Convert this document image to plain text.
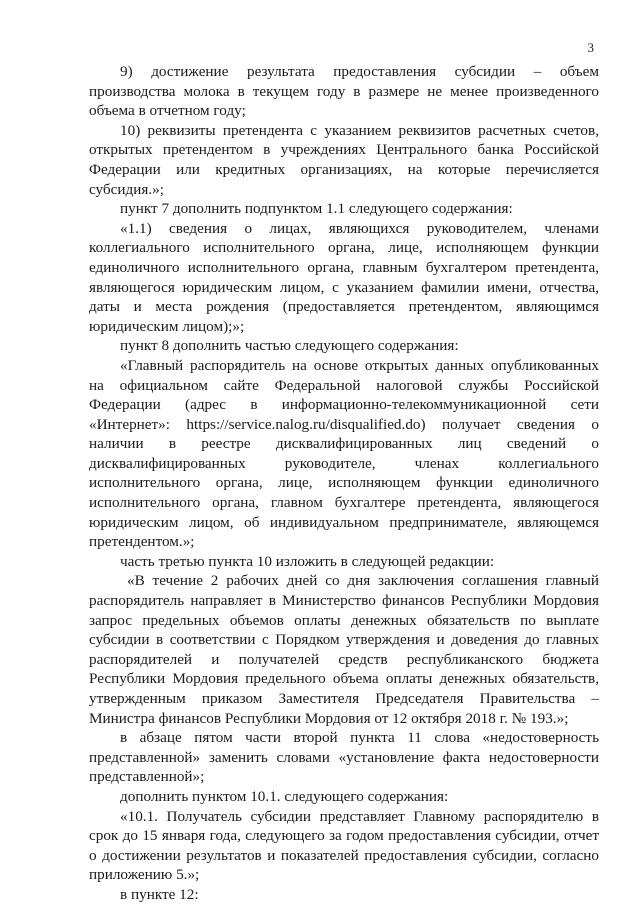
3

9) достижение результата предоставления субсидии – объем производства молока в текущем году в размере не менее произведенного объема в отчетном году;

10) реквизиты претендента с указанием реквизитов расчетных счетов, открытых претендентом в учреждениях Центрального банка Российской Федерации или кредитных организациях, на которые перечисляется субсидия.»;

пункт 7 дополнить подпунктом 1.1 следующего содержания:

«1.1) сведения о лицах, являющихся руководителем, членами коллегиального исполнительного органа, лице, исполняющем функции единоличного исполнительного органа, главным бухгалтером претендента, являющегося юридическим лицом, с указанием фамилии имени, отчества, даты и места рождения (предоставляется претендентом, являющимся юридическим лицом);»;

пункт 8 дополнить частью следующего содержания:

«Главный распорядитель на основе открытых данных опубликованных на официальном сайте Федеральной налоговой службы Российской Федерации (адрес в информационно-телекоммуникационной сети «Интернет»: https://service.nalog.ru/disqualified.do) получает сведения о наличии в реестре дисквалифицированных лиц сведений о дисквалифицированных руководителе, членах коллегиального исполнительного органа, лице, исполняющем функции единоличного исполнительного органа, главном бухгалтере претендента, являющегося юридическим лицом, об индивидуальном предпринимателе, являющемся претендентом.»;

часть третью пункта 10 изложить в следующей редакции:

«В течение 2 рабочих дней со дня заключения соглашения главный распорядитель направляет в Министерство финансов Республики Мордовия запрос предельных объемов оплаты денежных обязательств по выплате субсидии в соответствии с Порядком утверждения и доведения до главных распорядителей и получателей средств республиканского бюджета Республики Мордовия предельного объема оплаты денежных обязательств, утвержденным приказом Заместителя Председателя Правительства – Министра финансов Республики Мордовия от 12 октября 2018 г. № 193.»;

в абзаце пятом части второй пункта 11 слова «недостоверность представленной» заменить словами «установление факта недостоверности представленной»;

дополнить пунктом 10.1. следующего содержания:

«10.1. Получатель субсидии представляет Главному распорядителю в срок до 15 января года, следующего за годом предоставления субсидии, отчет о достижении результатов и показателей предоставления субсидии, согласно приложению 5.»;

в пункте 12:
